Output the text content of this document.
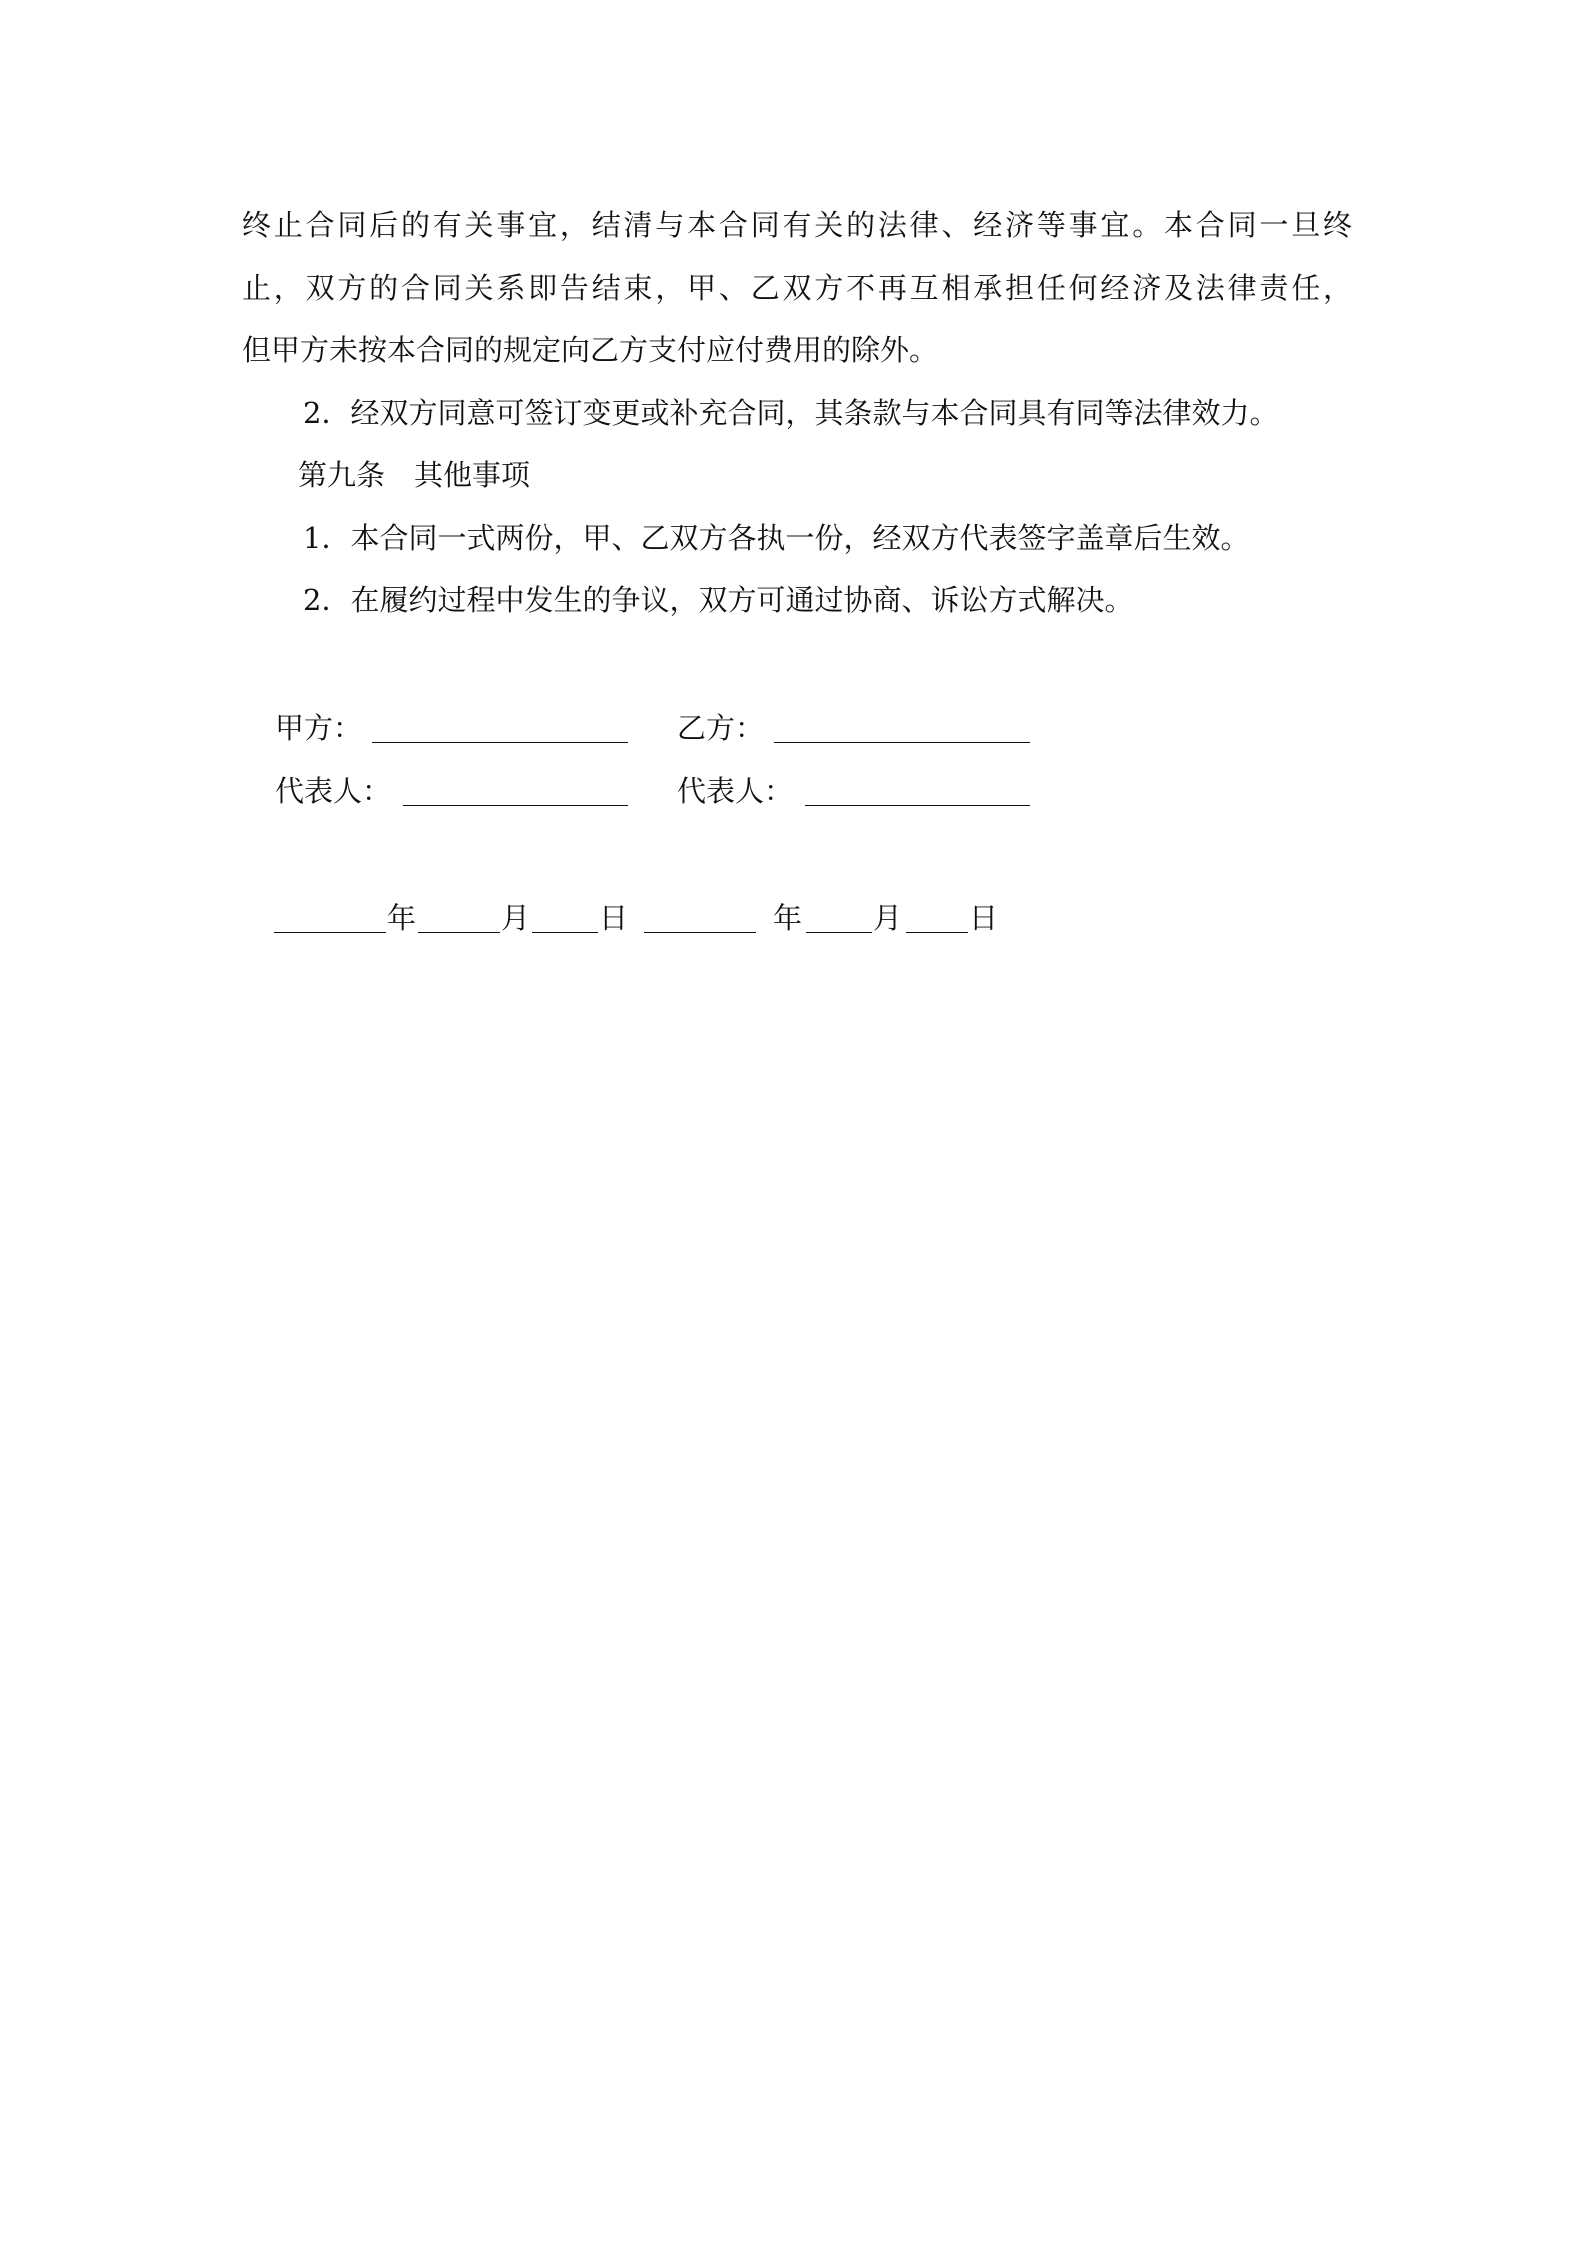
终止合同后的有关事宜，结清与本合同有关的法律、经济等事宜。本合同一旦终
止，双方的合同关系即告结束，甲、乙双方不再互相承担任何经济及法律责任，
但甲方未按本合同的规定向乙方支付应付费用的除外。
2．经双方同意可签订变更或补充合同，其条款与本合同具有同等法律效力。
第九条　其他事项
1．本合同一式两份，甲、乙双方各执一份，经双方代表签字盖章后生效。
2．在履约过程中发生的争议，双方可通过协商、诉讼方式解决。
甲方：	乙方：
代表人：	代表人：
年	月 日	年 月 日
